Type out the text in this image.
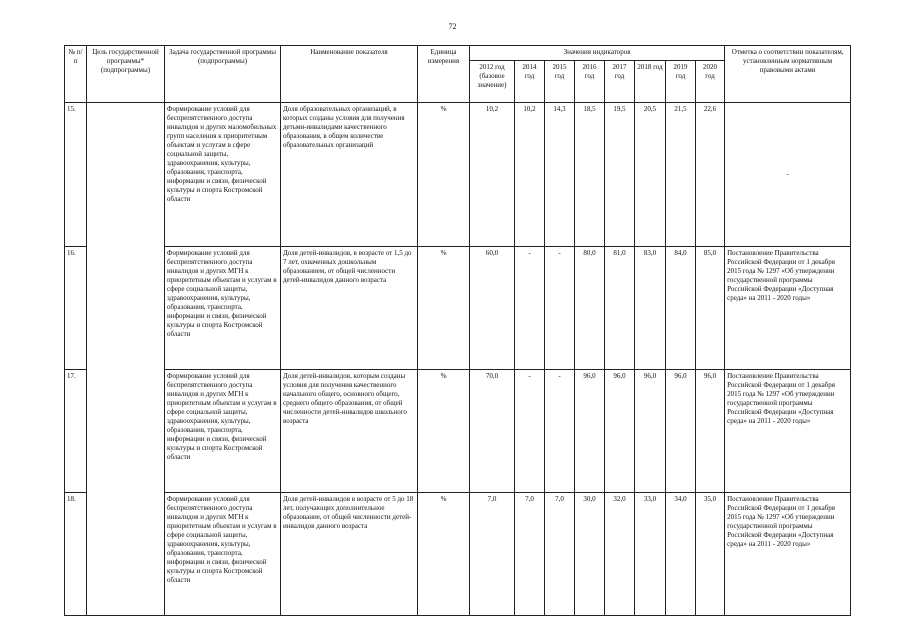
72
№ п/п	Цель государственной программы* (подпрограммы)	Задача государственной программы (подпрограммы)	Наименование показателя	Единица измерения	Значения индикаторов								Отметка о соответствии показателям, установленным нормативным правовыми актами
					2012 год (базовое значение)	2014 год	2015 год	2016 год	2017 год	2018 год	2019 год	2020 год	
15.		Формирование условий для беспрепятственного доступа инвалидов и других маломобильных групп населения к приоритетным объектам и услугам в сфере социальной защиты, здравоохранения, культуры, образования, транспорта, информации и связи, физической культуры и спорта Костромской области	Доля образовательных организаций, в которых созданы условия для получения детьми-инвалидами качественного образования, в общем количестве образовательных организаций	%	10,2	10,2	14,3	18,5	19,5	20,5	21,5	22,6	-
16.		Формирование условий для беспрепятственного доступа инвалидов и других МГН к приоритетным объектам и услугам в сфере социальной защиты, здравоохранения, культуры, образования, транспорта, информации и связи, физической культуры и спорта Костромской области	Доля детей-инвалидов, в возрасте от 1,5 до 7 лет, охваченных дошкольным образованием, от общей численности детей-инвалидов данного возраста	%	60,0	-	-	80,0	81,0	83,0	84,0	85,0	Постановление Правительства Российской Федерации от 1 декабря 2015 года № 1297 «Об утверждении государственной программы Российской Федерации «Доступная среда» на 2011 - 2020 годы»
17.		Формирование условий для беспрепятственного доступа инвалидов и других МГН к приоритетным объектам и услугам в сфере социальной защиты, здравоохранения, культуры, образования, транспорта, информации и связи, физической культуры и спорта Костромской области	Доля детей-инвалидов, которым созданы условия для получения качественного начального общего, основного общего, среднего общего образования, от общей численности детей-инвалидов школьного возраста	%	70,0	-	-	96,0	96,0	96,0	96,0	96,0	Постановление Правительства Российской Федерации от 1 декабря 2015 года № 1297 «Об утверждении государственной программы Российской Федерации «Доступная среда» на 2011 - 2020 годы»
18.		Формирование условий для беспрепятственного доступа инвалидов и других МГН к приоритетным объектам и услугам в сфере социальной защиты, здравоохранения, культуры, образования, транспорта, информации и связи, физической культуры и спорта Костромской области	Доля детей-инвалидов в возрасте от 5 до 18 лет, получающих дополнительное образование, от общей численности детей-инвалидов данного возраста	%	7,0	7,0	7,0	30,0	32,0	33,0	34,0	35,0	Постановление Правительства Российской Федерации от 1 декабря 2015 года № 1297 «Об утверждении государственной программы Российской Федерации «Доступная среда» на 2011 - 2020 годы»
